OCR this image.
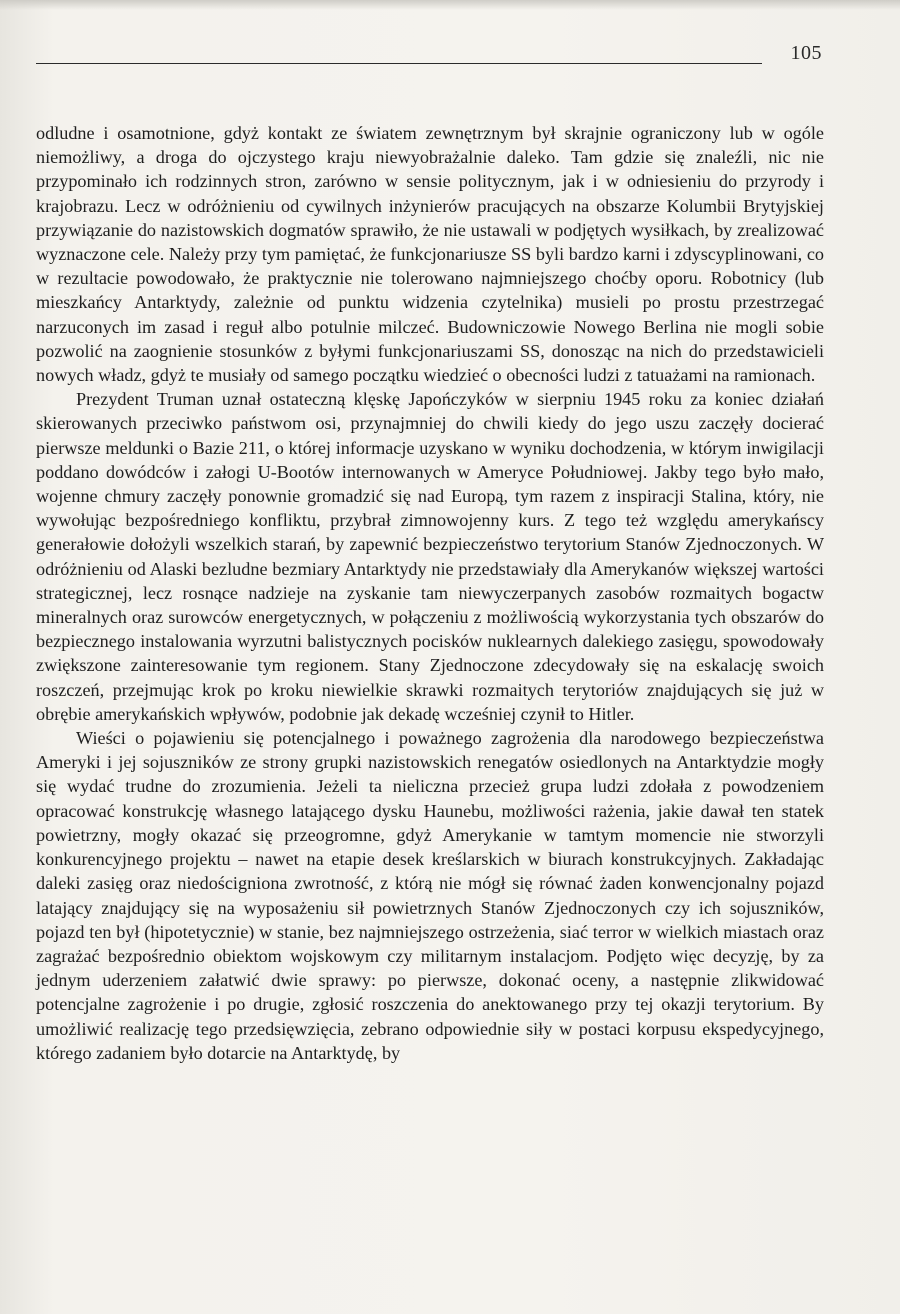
105

odludne i osamotnione, gdyż kontakt ze światem zewnętrznym był skrajnie ograniczony lub w ogóle niemożliwy, a droga do ojczystego kraju niewyobrażalnie daleko. Tam gdzie się znaleźli, nic nie przypominało ich rodzinnych stron, zarówno w sensie politycznym, jak i w odniesieniu do przyrody i krajobrazu. Lecz w odróżnieniu od cywilnych inżynierów pracujących na obszarze Kolumbii Brytyjskiej przywiązanie do nazistowskich dogmatów sprawiło, że nie ustawali w podjętych wysiłkach, by zrealizować wyznaczone cele. Należy przy tym pamiętać, że funkcjonariusze SS byli bardzo karni i zdyscyplinowani, co w rezultacie powodowało, że praktycznie nie tolerowano najmniejszego choćby oporu. Robotnicy (lub mieszkańcy Antarktydy, zależnie od punktu widzenia czytelnika) musieli po prostu przestrzegać narzuconych im zasad i reguł albo potulnie milczeć. Budowniczowie Nowego Berlina nie mogli sobie pozwolić na zaognienie stosunków z byłymi funkcjonariuszami SS, donosząc na nich do przedstawicieli nowych władz, gdyż te musiały od samego początku wiedzieć o obecności ludzi z tatuażami na ramionach.

Prezydent Truman uznał ostateczną klęskę Japończyków w sierpniu 1945 roku za koniec działań skierowanych przeciwko państwom osi, przynajmniej do chwili kiedy do jego uszu zaczęły docierać pierwsze meldunki o Bazie 211, o której informacje uzyskano w wyniku dochodzenia, w którym inwigilacji poddano dowódców i załogi U-Bootów internowanych w Ameryce Południowej. Jakby tego było mało, wojenne chmury zaczęły ponownie gromadzić się nad Europą, tym razem z inspiracji Stalina, który, nie wywołując bezpośredniego konfliktu, przybrał zimnowojenny kurs. Z tego też względu amerykańscy generałowie dołożyli wszelkich starań, by zapewnić bezpieczeństwo terytorium Stanów Zjednoczonych. W odróżnieniu od Alaski bezludne bezmiary Antarktydy nie przedstawiały dla Amerykanów większej wartości strategicznej, lecz rosnące nadzieje na zyskanie tam niewyczerpanych zasobów rozmaitych bogactw mineralnych oraz surowców energetycznych, w połączeniu z możliwością wykorzystania tych obszarów do bezpiecznego instalowania wyrzutni balistycznych pocisków nuklearnych dalekiego zasięgu, spowodowały zwiększone zainteresowanie tym regionem. Stany Zjednoczone zdecydowały się na eskalację swoich roszczeń, przejmując krok po kroku niewielkie skrawki rozmaitych terytoriów znajdujących się już w obrębie amerykańskich wpływów, podobnie jak dekadę wcześniej czynił to Hitler.

Wieści o pojawieniu się potencjalnego i poważnego zagrożenia dla narodowego bezpieczeństwa Ameryki i jej sojuszników ze strony grupki nazistowskich renegatów osiedlonych na Antarktydzie mogły się wydać trudne do zrozumienia. Jeżeli ta nieliczna przecież grupa ludzi zdołała z powodzeniem opracować konstrukcję własnego latającego dysku Haunebu, możliwości rażenia, jakie dawał ten statek powietrzny, mogły okazać się przeogromne, gdyż Amerykanie w tamtym momencie nie stworzyli konkurencyjnego projektu – nawet na etapie desek kreślarskich w biurach konstrukcyjnych. Zakładając daleki zasięg oraz niedościgniona zwrotność, z którą nie mógł się równać żaden konwencjonalny pojazd latający znajdujący się na wyposażeniu sił powietrznych Stanów Zjednoczonych czy ich sojuszników, pojazd ten był (hipotetycznie) w stanie, bez najmniejszego ostrzeżenia, siać terror w wielkich miastach oraz zagrażać bezpośrednio obiektom wojskowym czy militarnym instalacjom. Podjęto więc decyzję, by za jednym uderzeniem załatwić dwie sprawy: po pierwsze, dokonać oceny, a następnie zlikwidować potencjalne zagrożenie i po drugie, zgłosić roszczenia do anektowanego przy tej okazji terytorium. By umożliwić realizację tego przedsięwzięcia, zebrano odpowiednie siły w postaci korpusu ekspedycyjnego, którego zadaniem było dotarcie na Antarktydę, by
